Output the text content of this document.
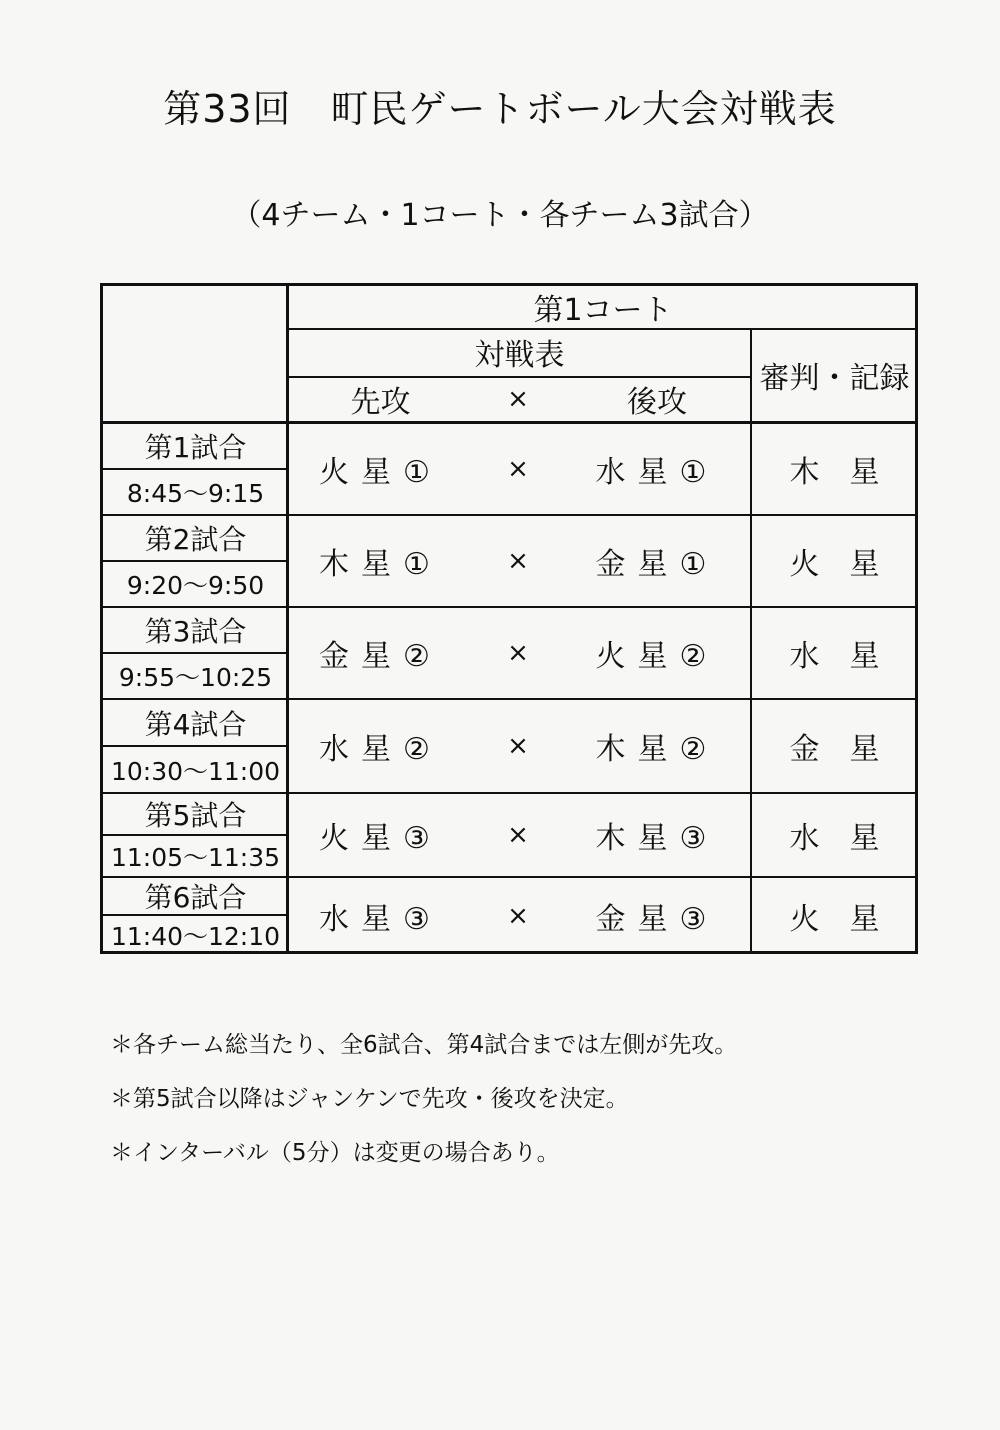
第33回　町民ゲートボール大会対戦表
（4チーム・1コート・各チーム3試合）
第1コート
対戦表
審判・記録
先攻	×	後攻
第1試合
8:45～9:15
火星①	×	水星①	木星
第2試合
9:20～9:50
木星①	×	金星①	火星
第3試合
9:55～10:25
金星②	×	火星②	水星
第4試合
10:30～11:00
水星②	×	木星②	金星
第5試合
11:05～11:35
火星③	×	木星③	水星
第6試合
11:40～12:10	水星③	×	金星③	火星
＊各チーム総当たり、全6試合、第4試合までは左側が先攻。
＊第5試合以降はジャンケンで先攻・後攻を決定。
＊インターバル（5分）は変更の場合あり。
